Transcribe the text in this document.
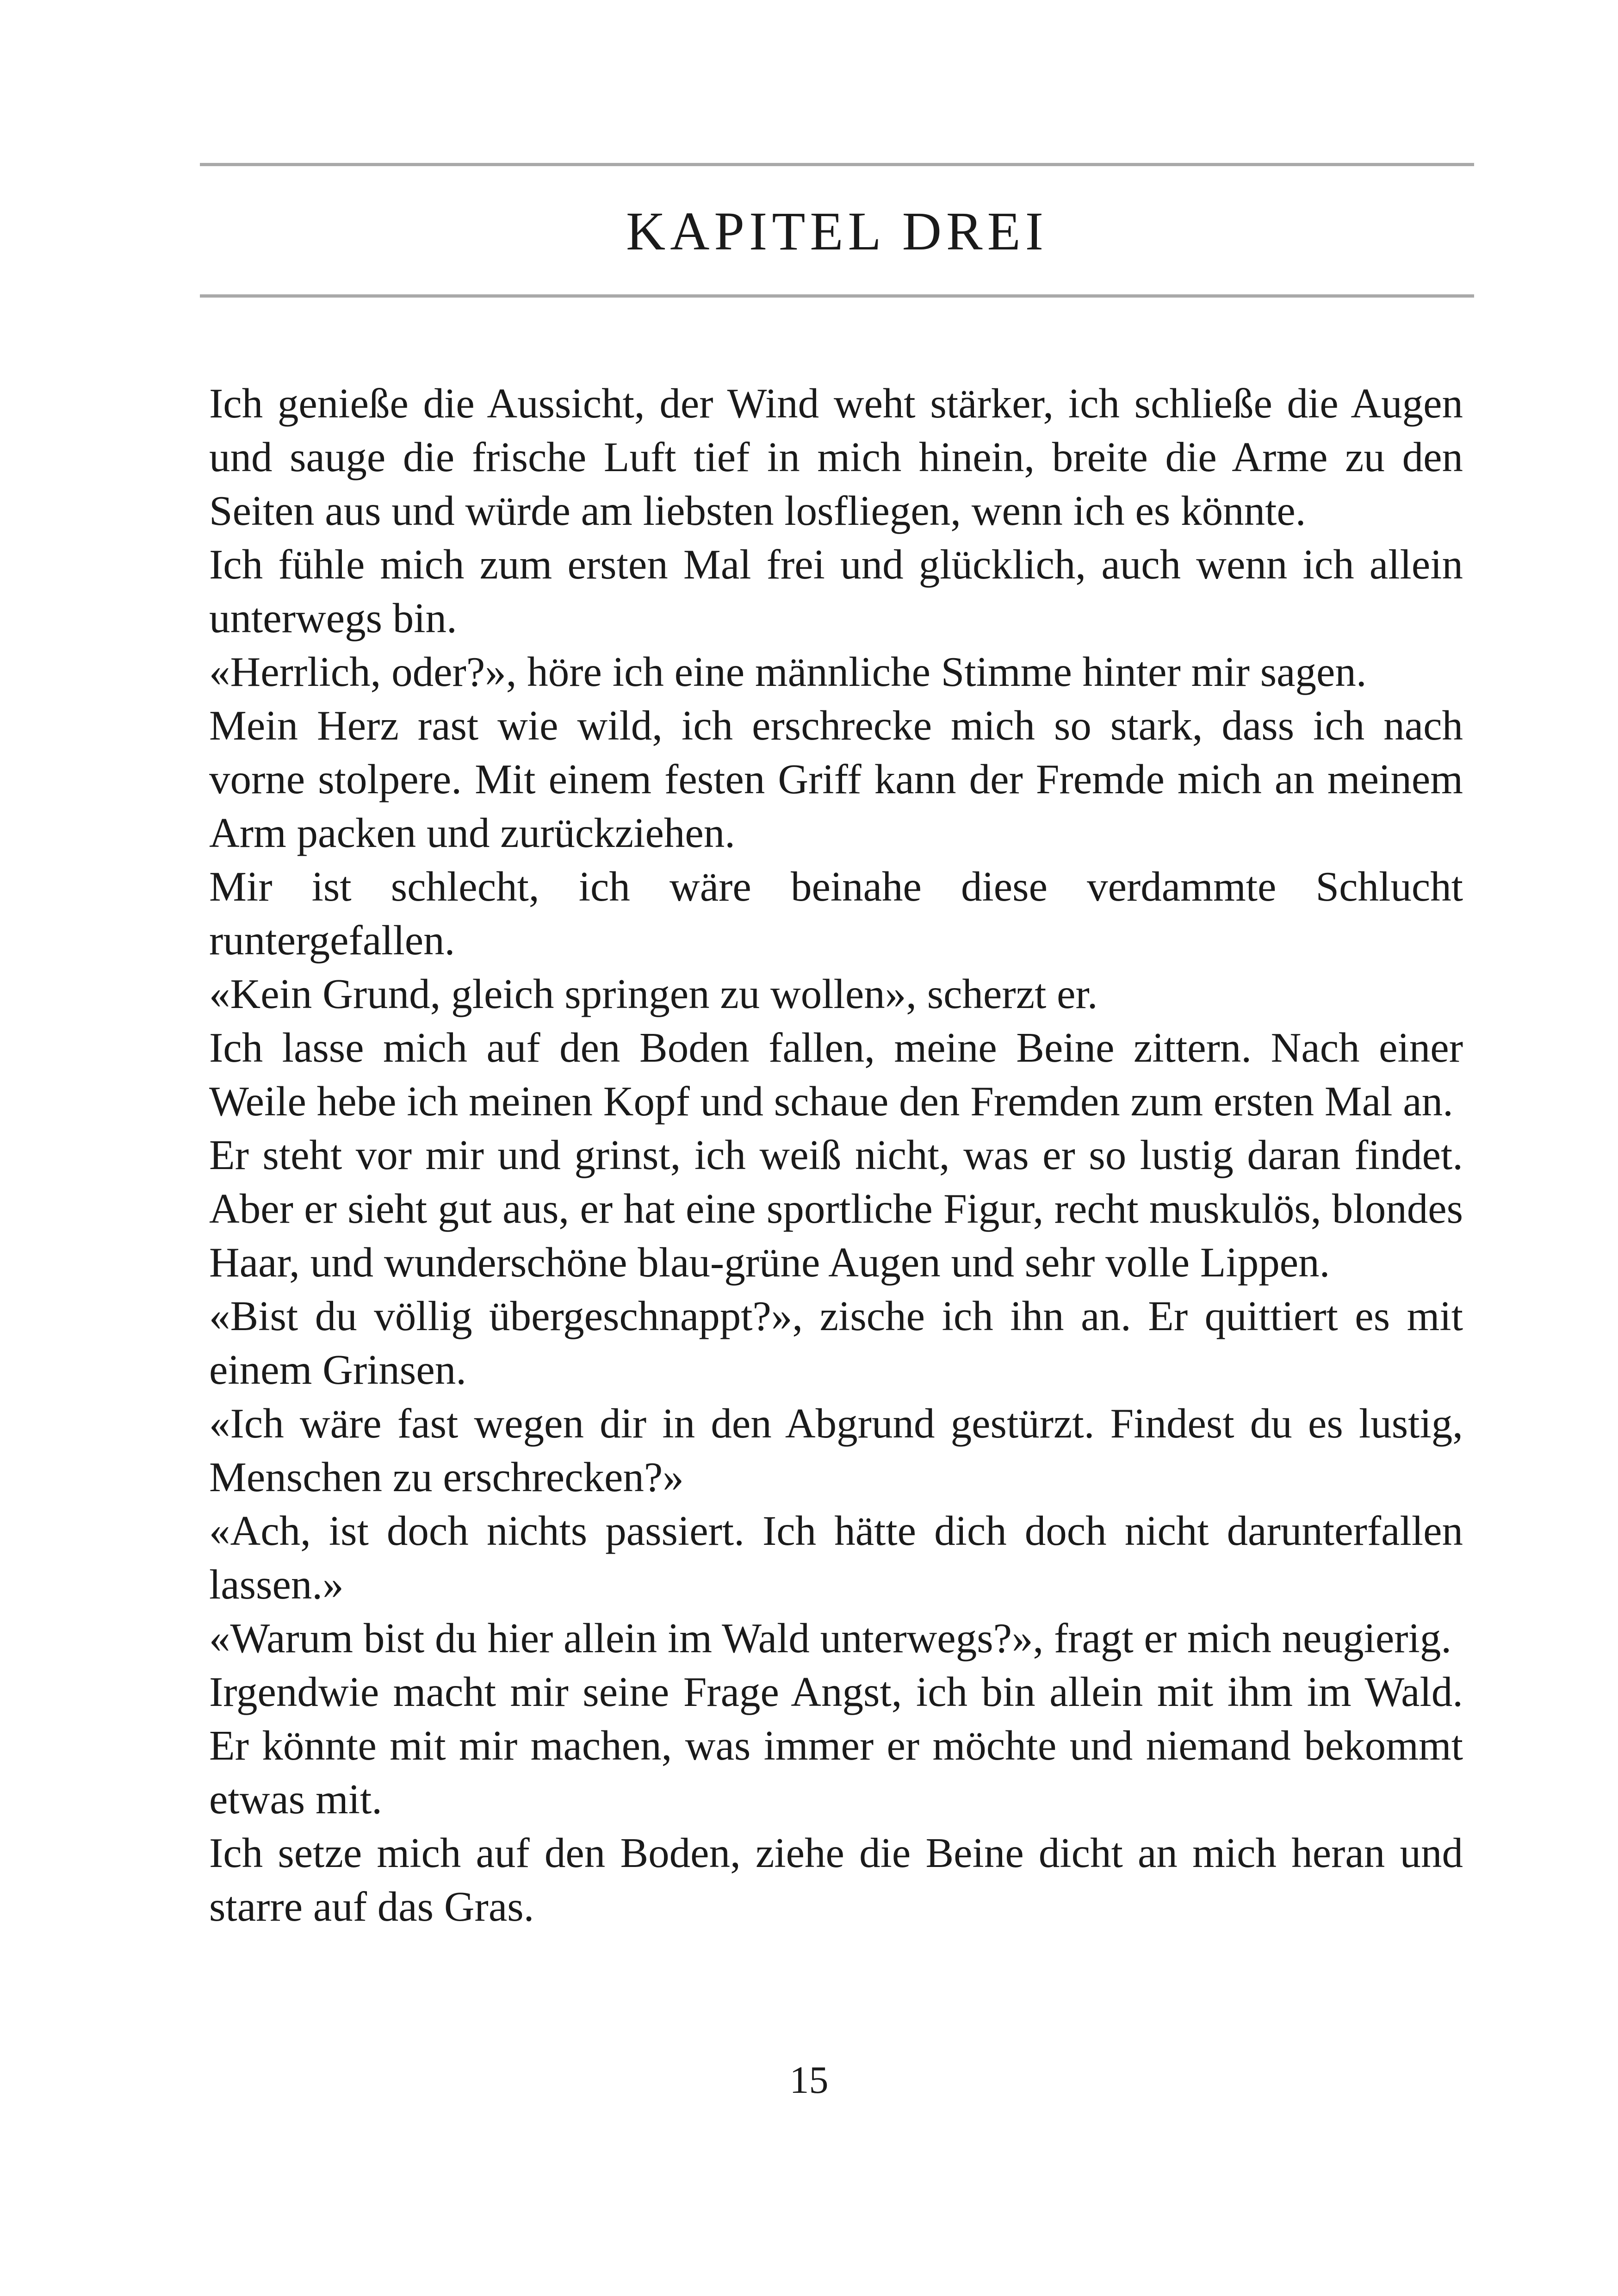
KAPITEL DREI

Ich genieße die Aussicht, der Wind weht stärker, ich schließe die Augen und sauge die frische Luft tief in mich hinein, breite die Arme zu den Seiten aus und würde am liebsten losfliegen, wenn ich es könnte.

Ich fühle mich zum ersten Mal frei und glücklich, auch wenn ich allein unterwegs bin.

«Herrlich, oder?», höre ich eine männliche Stimme hinter mir sagen.

Mein Herz rast wie wild, ich erschrecke mich so stark, dass ich nach vorne stolpere. Mit einem festen Griff kann der Fremde mich an meinem Arm packen und zurückziehen.

Mir ist schlecht, ich wäre beinahe diese verdammte Schlucht runtergefallen.

«Kein Grund, gleich springen zu wollen», scherzt er.

Ich lasse mich auf den Boden fallen, meine Beine zittern. Nach einer Weile hebe ich meinen Kopf und schaue den Fremden zum ersten Mal an.

Er steht vor mir und grinst, ich weiß nicht, was er so lustig daran findet. Aber er sieht gut aus, er hat eine sportliche Figur, recht muskulös, blondes Haar, und wunderschöne blau-grüne Augen und sehr volle Lippen.

«Bist du völlig übergeschnappt?», zische ich ihn an. Er quittiert es mit einem Grinsen.

«Ich wäre fast wegen dir in den Abgrund gestürzt. Findest du es lustig, Menschen zu erschrecken?»

«Ach, ist doch nichts passiert. Ich hätte dich doch nicht darunterfallen lassen.»

«Warum bist du hier allein im Wald unterwegs?», fragt er mich neugierig.

Irgendwie macht mir seine Frage Angst, ich bin allein mit ihm im Wald. Er könnte mit mir machen, was immer er möchte und niemand bekommt etwas mit.

Ich setze mich auf den Boden, ziehe die Beine dicht an mich heran und starre auf das Gras.

15
